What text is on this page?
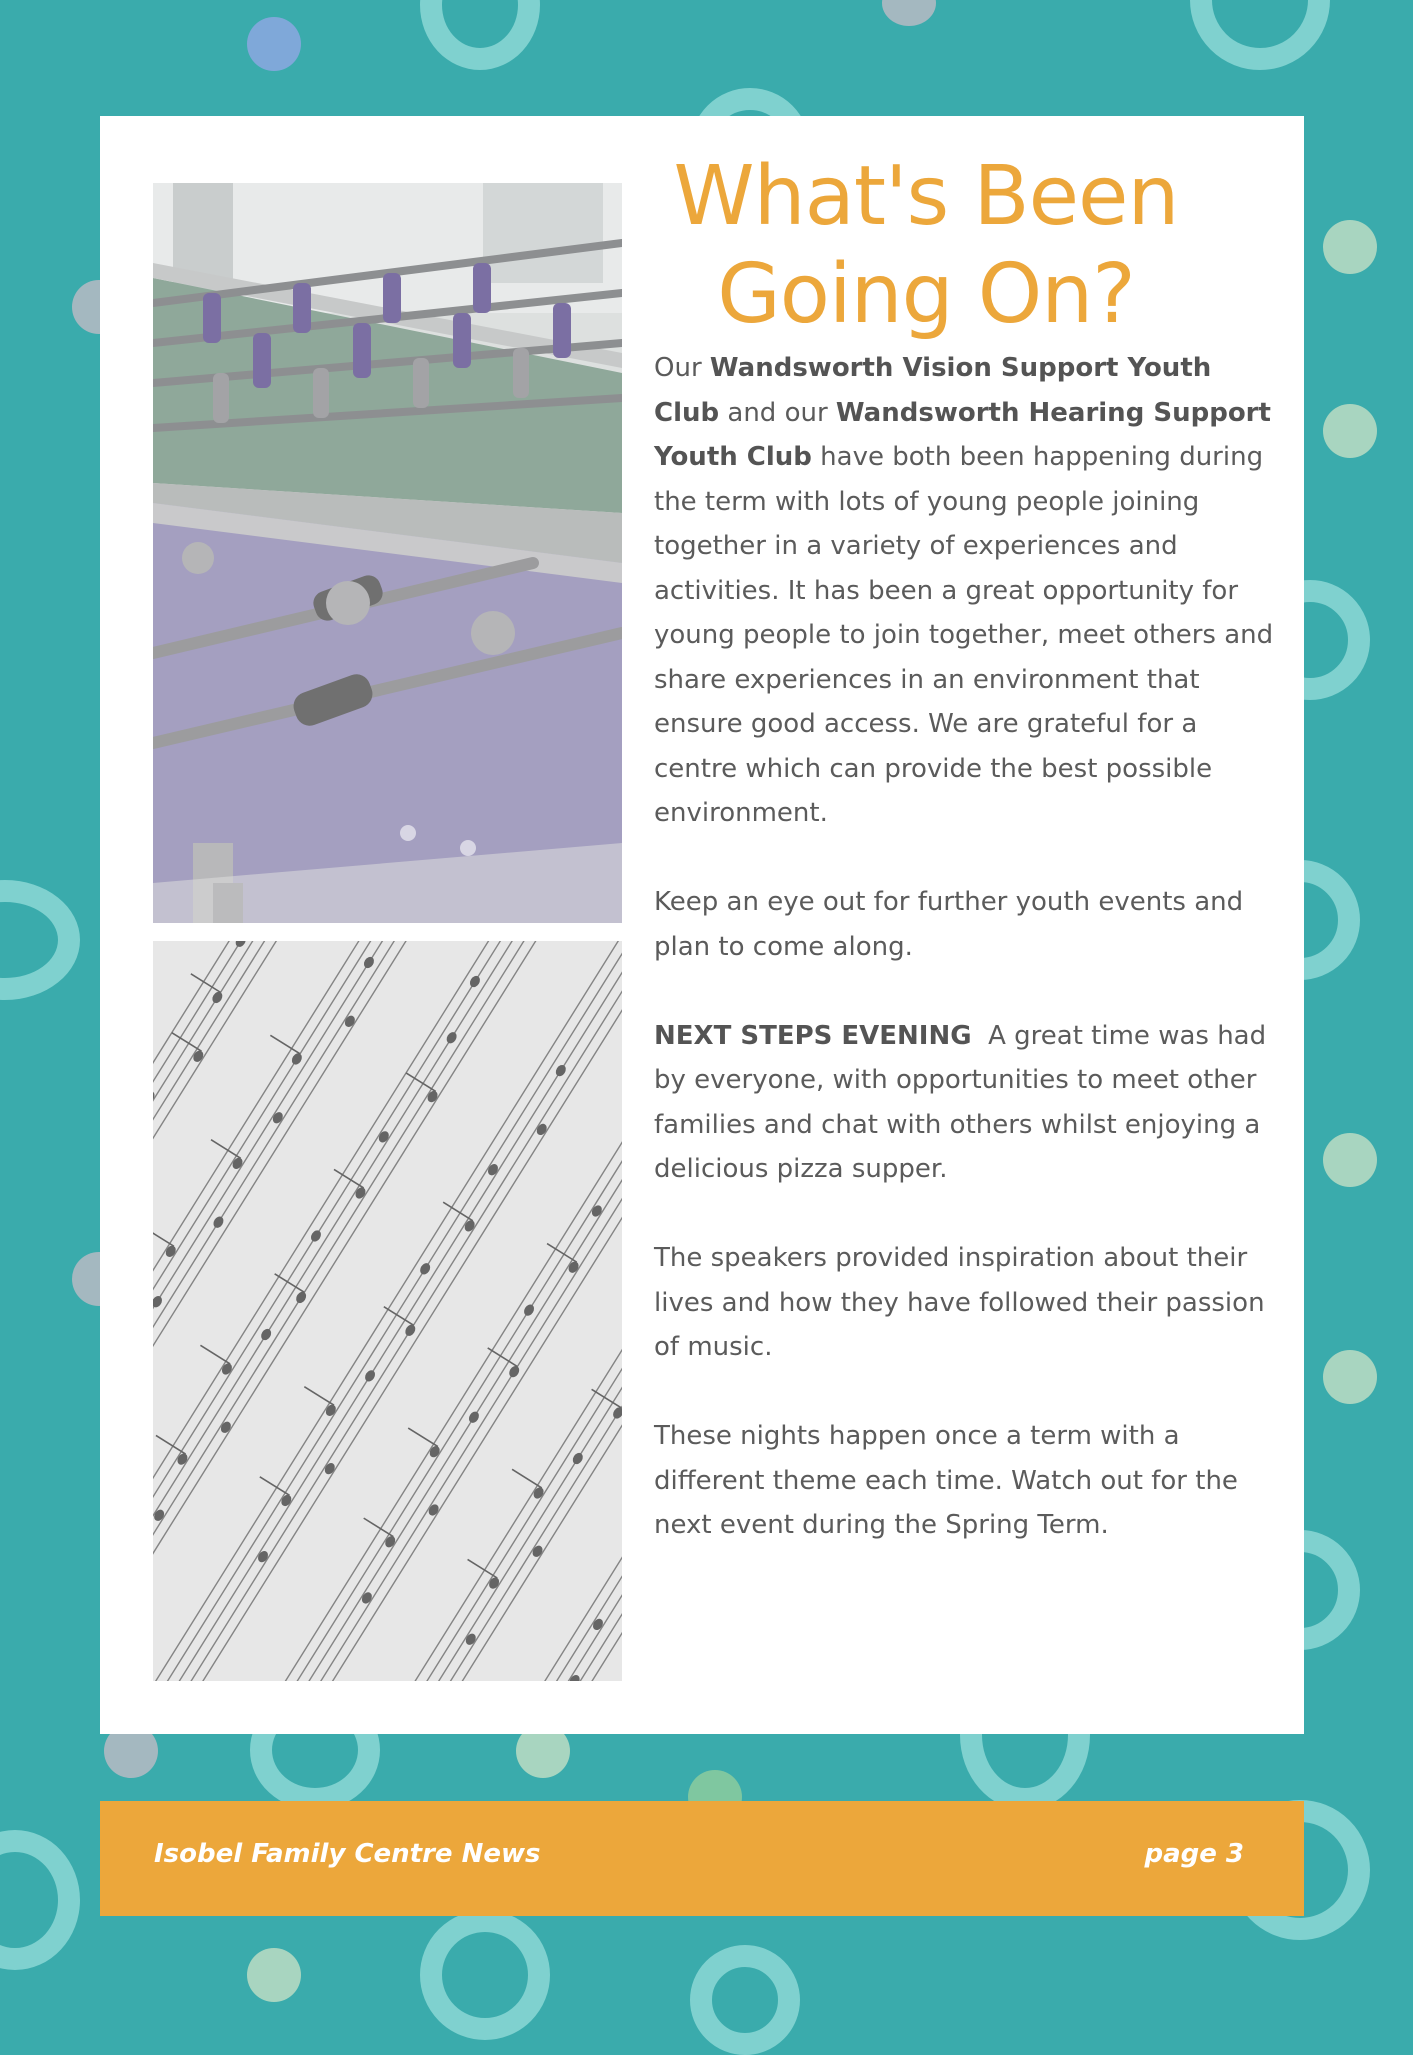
What's Been
Going On?

Our Wandsworth Vision Support Youth Club and our Wandsworth Hearing Support Youth Club have both been happening during the term with lots of young people joining together in a variety of experiences and activities. It has been a great opportunity for young people to join together, meet others and share experiences in an environment that ensure good access. We are grateful for a centre which can provide the best possible environment.

Keep an eye out for further youth events and plan to come along.

NEXT STEPS EVENING  A great time was had by everyone, with opportunities to meet other families and chat with others whilst enjoying a delicious pizza supper.

The speakers provided inspiration about their lives and how they have followed their passion of music.

These nights happen once a term with a different theme each time. Watch out for the next event during the Spring Term.

Isobel Family Centre News	page 3
